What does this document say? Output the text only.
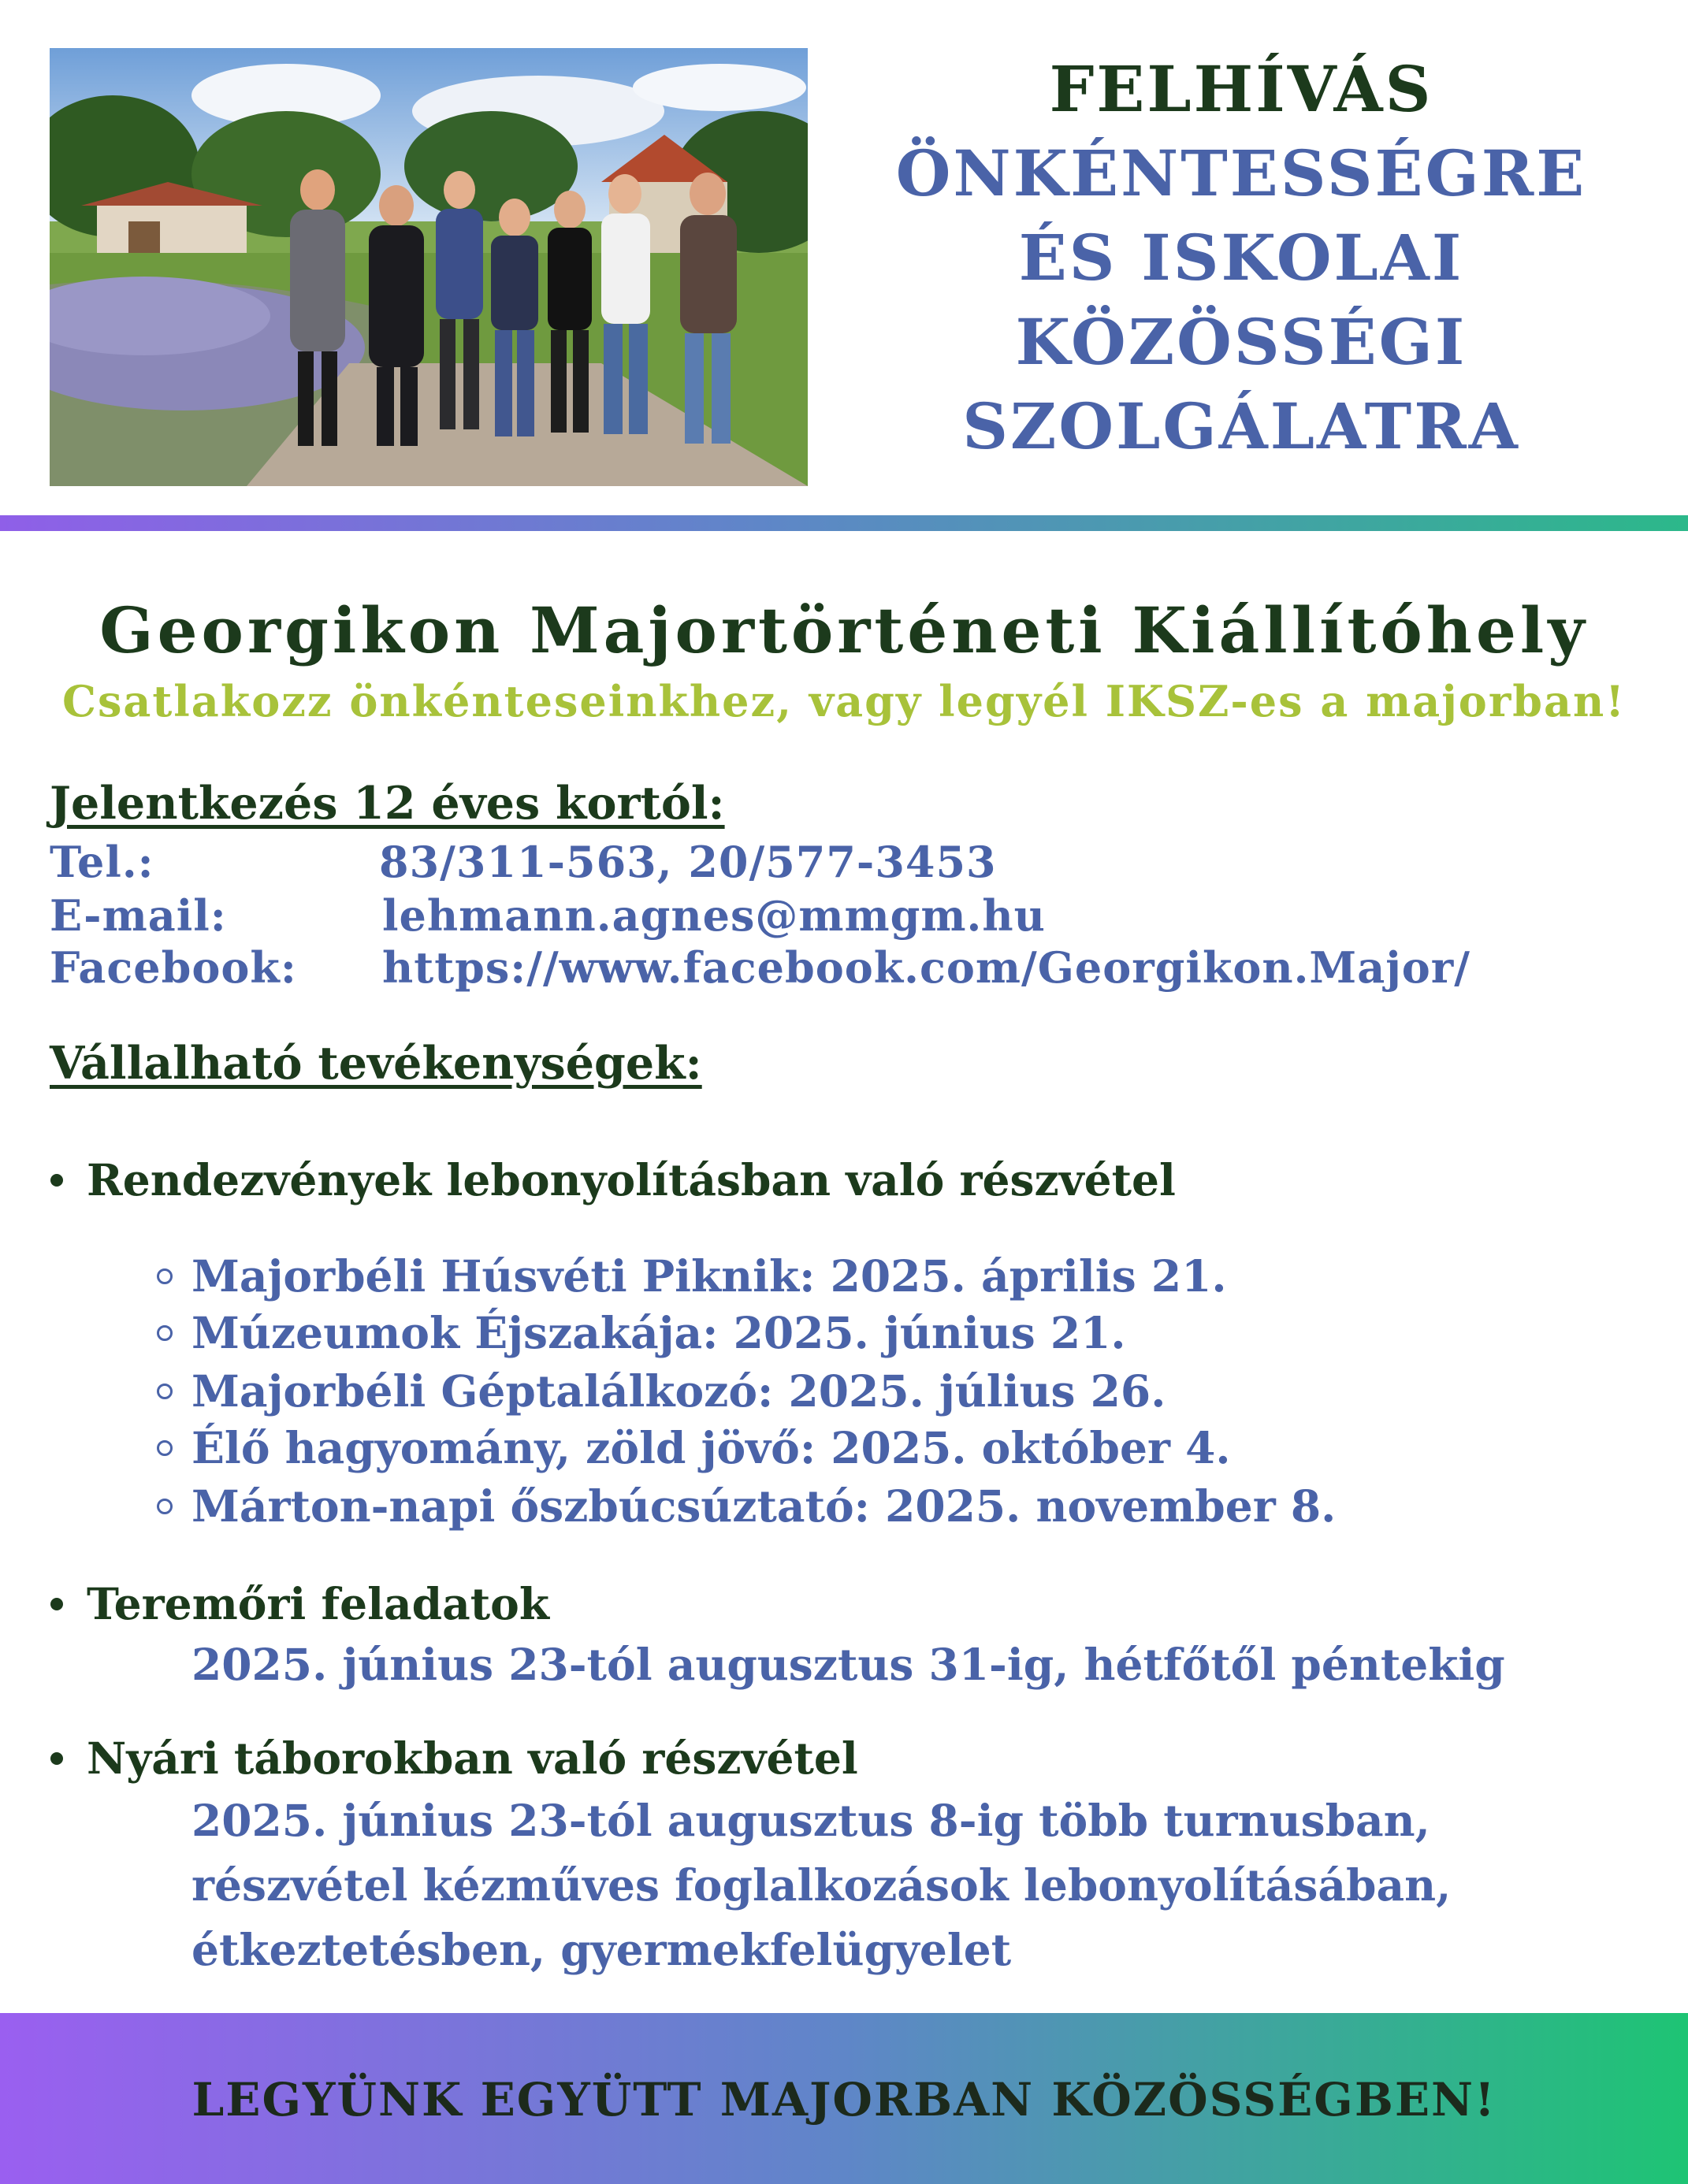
FELHÍVÁS
ÖNKÉNTESSÉGRE
ÉS ISKOLAI
KÖZÖSSÉGI
SZOLGÁLATRA
Georgikon Majortörténeti Kiállítóhely
Csatlakozz önkénteseinkhez, vagy legyél IKSZ-es a majorban!
Jelentkezés 12 éves kortól:
Tel.:	83/311-563, 20/577-3453
E-mail:	lehmann.agnes@mmgm.hu
Facebook: https://www.facebook.com/Georgikon.Major/
Vállalható tevékenységek:
Rendezvények lebonyolításban való részvétel
Majorbéli Húsvéti Piknik: 2025. április 21.
Múzeumok Éjszakája: 2025. június 21.
Majorbéli Géptalálkozó: 2025. július 26.
Élő hagyomány, zöld jövő: 2025. október 4.
Márton-napi őszbúcsúztató: 2025. november 8.
Teremőri feladatok
2025. június 23-tól augusztus 31-ig, hétfőtől péntekig
Nyári táborokban való részvétel
2025. június 23-tól augusztus 8-ig több turnusban,
részvétel kézműves foglalkozások lebonyolításában,
étkeztetésben, gyermekfelügyelet
LEGYÜNK EGYÜTT MAJORBAN KÖZÖSSÉGBEN!
